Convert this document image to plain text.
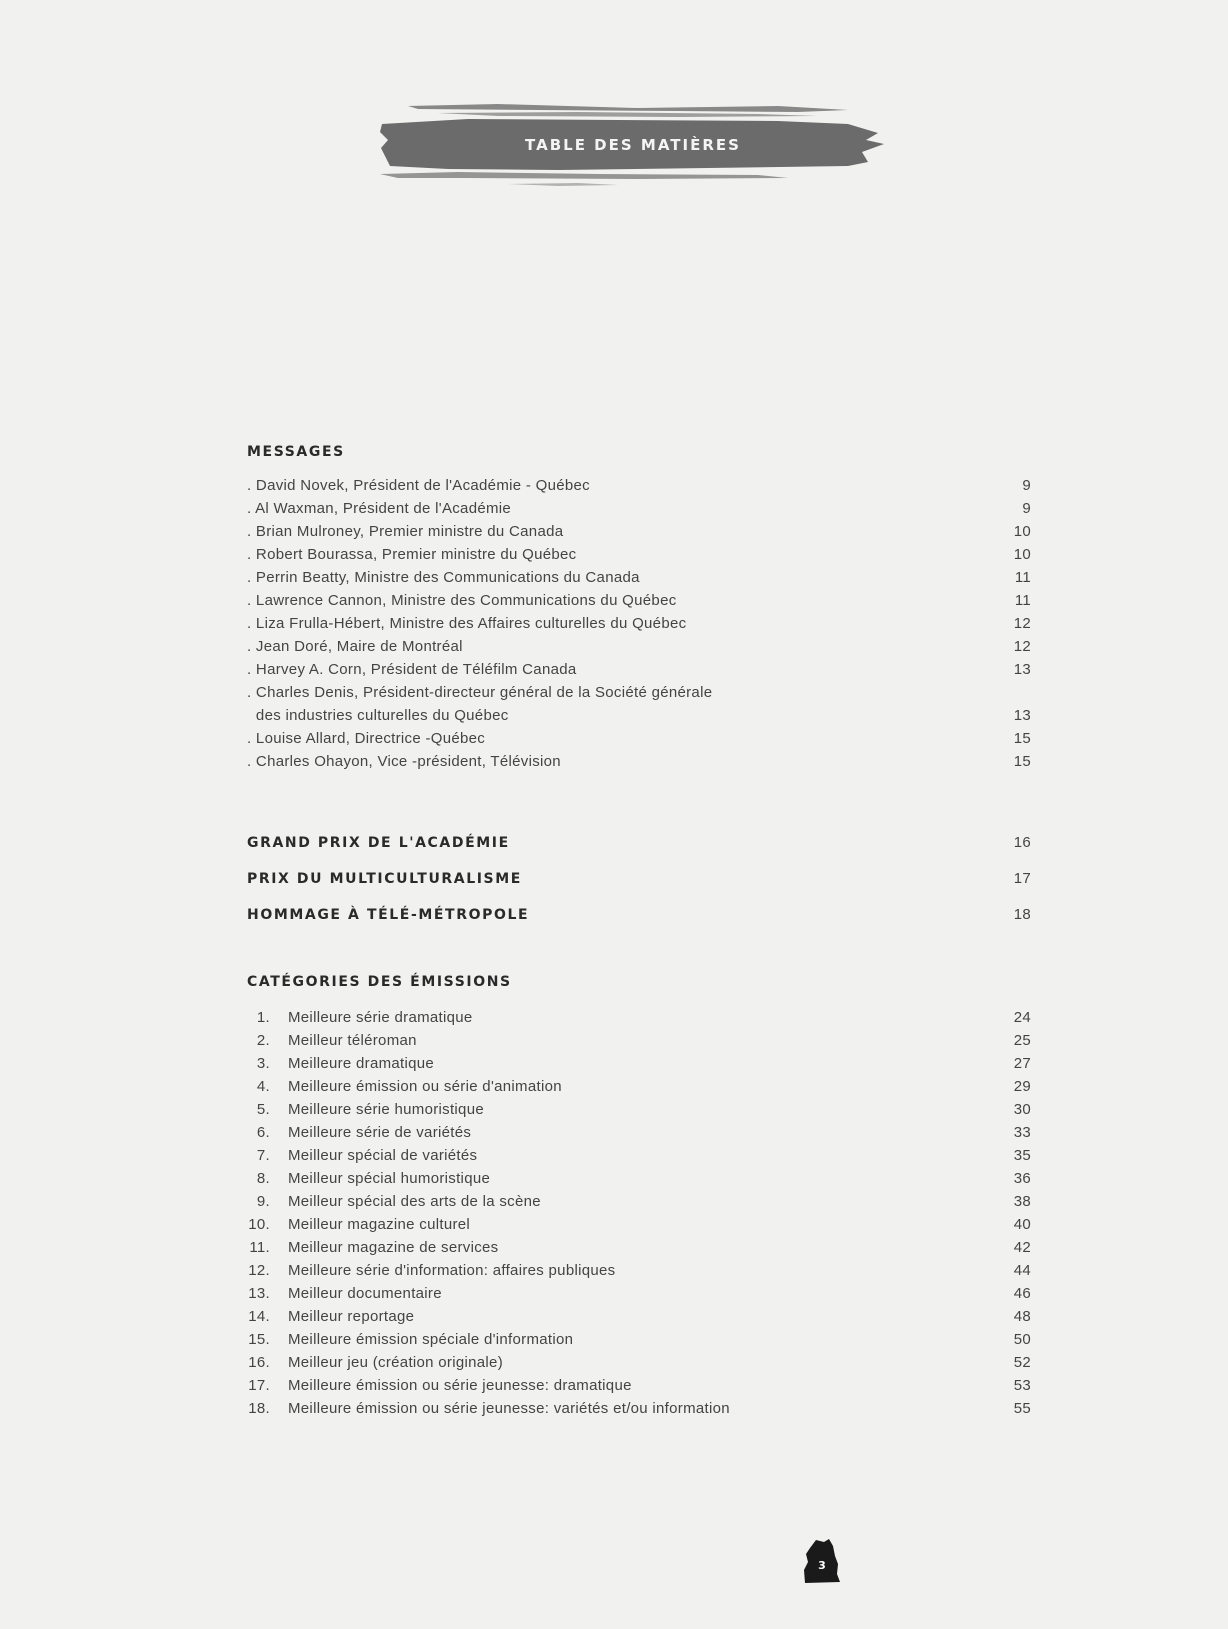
TABLE DES MATIÈRES
MESSAGES
. David Novek, Président de l'Académie - Québec	9
. Al Waxman, Président de l'Académie	9
. Brian Mulroney, Premier ministre du Canada	10
. Robert Bourassa, Premier ministre du Québec	10
. Perrin Beatty, Ministre des Communications du Canada	11
. Lawrence Cannon, Ministre des Communications du Québec	11
. Liza Frulla-Hébert, Ministre des Affaires culturelles du Québec	12
. Jean Doré, Maire de Montréal	12
. Harvey A. Corn, Président de Téléfilm Canada	13
. Charles Denis, Président-directeur général de la Société générale
des industries culturelles du Québec	13
. Louise Allard, Directrice -Québec	15
. Charles Ohayon, Vice -président, Télévision	15
GRAND PRIX DE L'ACADÉMIE	16
PRIX DU MULTICULTURALISME	17
HOMMAGE À TÉLÉ-MÉTROPOLE	18
CATÉGORIES DES ÉMISSIONS
1. Meilleure série dramatique	24
2. Meilleur téléroman	25
3. Meilleure dramatique	27
4. Meilleure émission ou série d'animation	29
5. Meilleure série humoristique	30
6. Meilleure série de variétés	33
7. Meilleur spécial de variétés	35
8. Meilleur spécial humoristique	36
9. Meilleur spécial des arts de la scène	38
10. Meilleur magazine culturel	40
11. Meilleur magazine de services	42
12. Meilleure série d'information: affaires publiques	44
13. Meilleur documentaire	46
14. Meilleur reportage	48
15. Meilleure émission spéciale d'information	50
16. Meilleur jeu (création originale)	52
17. Meilleure émission ou série jeunesse: dramatique	53
18. Meilleure émission ou série jeunesse: variétés et/ou information	55
3
